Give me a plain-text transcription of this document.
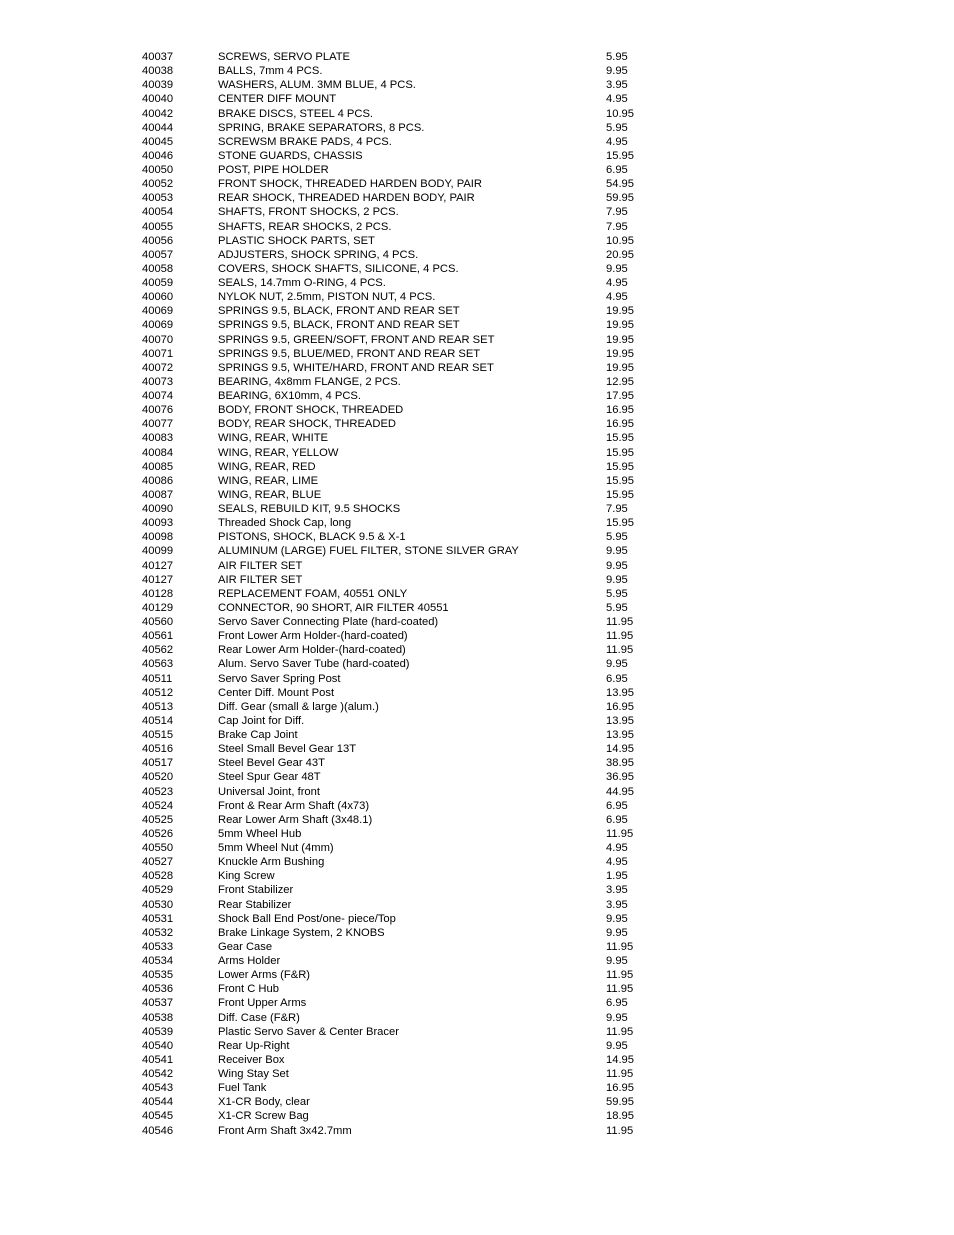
40037	SCREWS, SERVO PLATE	5.95
40038	BALLS, 7mm 4 PCS.	9.95
40039	WASHERS, ALUM. 3MM BLUE, 4 PCS.	3.95
40040	CENTER DIFF MOUNT	4.95
40042	BRAKE DISCS, STEEL 4 PCS.	10.95
40044	SPRING, BRAKE SEPARATORS, 8 PCS.	5.95
40045	SCREWSM BRAKE PADS, 4 PCS.	4.95
40046	STONE GUARDS, CHASSIS	15.95
40050	POST, PIPE HOLDER	6.95
40052	FRONT SHOCK, THREADED HARDEN BODY, PAIR	54.95
40053	REAR SHOCK, THREADED HARDEN BODY, PAIR	59.95
40054	SHAFTS, FRONT SHOCKS, 2 PCS.	7.95
40055	SHAFTS, REAR SHOCKS, 2 PCS.	7.95
40056	PLASTIC SHOCK PARTS, SET	10.95
40057	ADJUSTERS, SHOCK SPRING, 4 PCS.	20.95
40058	COVERS, SHOCK SHAFTS, SILICONE, 4 PCS.	9.95
40059	SEALS, 14.7mm O-RING, 4 PCS.	4.95
40060	NYLOK NUT, 2.5mm, PISTON NUT, 4 PCS.	4.95
40069	SPRINGS 9.5, BLACK, FRONT AND REAR SET	19.95
40069	SPRINGS 9.5, BLACK, FRONT AND REAR SET	19.95
40070	SPRINGS 9.5, GREEN/SOFT, FRONT AND REAR SET	19.95
40071	SPRINGS 9.5, BLUE/MED, FRONT AND REAR SET	19.95
40072	SPRINGS 9.5, WHITE/HARD, FRONT AND REAR SET	19.95
40073	BEARING, 4x8mm FLANGE, 2 PCS.	12.95
40074	BEARING, 6X10mm, 4 PCS.	17.95
40076	BODY, FRONT SHOCK, THREADED	16.95
40077	BODY, REAR SHOCK, THREADED	16.95
40083	WING, REAR, WHITE	15.95
40084	WING, REAR, YELLOW	15.95
40085	WING, REAR, RED	15.95
40086	WING, REAR, LIME	15.95
40087	WING, REAR, BLUE	15.95
40090	SEALS, REBUILD KIT, 9.5 SHOCKS	7.95
40093	Threaded Shock Cap, long	15.95
40098	PISTONS, SHOCK, BLACK 9.5 & X-1	5.95
40099	ALUMINUM (LARGE) FUEL FILTER, STONE SILVER GRAY	9.95
40127	AIR FILTER SET	9.95
40127	AIR FILTER SET	9.95
40128	REPLACEMENT FOAM, 40551 ONLY	5.95
40129	CONNECTOR, 90 SHORT, AIR FILTER 40551	5.95
40560	Servo Saver Connecting Plate (hard-coated)	11.95
40561	Front Lower Arm Holder-(hard-coated)	11.95
40562	Rear Lower Arm Holder-(hard-coated)	11.95
40563	Alum. Servo Saver Tube (hard-coated)	9.95
40511	Servo Saver Spring Post	6.95
40512	Center Diff. Mount Post	13.95
40513	Diff. Gear (small & large )(alum.)	16.95
40514	Cap Joint for Diff.	13.95
40515	Brake Cap Joint	13.95
40516	Steel Small Bevel Gear 13T	14.95
40517	Steel Bevel Gear 43T	38.95
40520	Steel Spur Gear 48T	36.95
40523	Universal Joint, front	44.95
40524	Front & Rear Arm Shaft (4x73)	6.95
40525	Rear Lower Arm Shaft (3x48.1)	6.95
40526	5mm Wheel Hub	11.95
40550	5mm Wheel Nut (4mm)	4.95
40527	Knuckle Arm Bushing	4.95
40528	King Screw	1.95
40529	Front Stabilizer	3.95
40530	Rear Stabilizer	3.95
40531	Shock Ball End Post/one- piece/Top	9.95
40532	Brake Linkage System, 2 KNOBS	9.95
40533	Gear Case	11.95
40534	Arms Holder	9.95
40535	Lower Arms (F&R)	11.95
40536	Front C Hub	11.95
40537	Front Upper Arms	6.95
40538	Diff. Case (F&R)	9.95
40539	Plastic Servo Saver & Center Bracer	11.95
40540	Rear Up-Right	9.95
40541	Receiver Box	14.95
40542	Wing Stay Set	11.95
40543	Fuel Tank	16.95
40544	X1-CR Body, clear	59.95
40545	X1-CR Screw Bag	18.95
40546	Front Arm Shaft 3x42.7mm	11.95
